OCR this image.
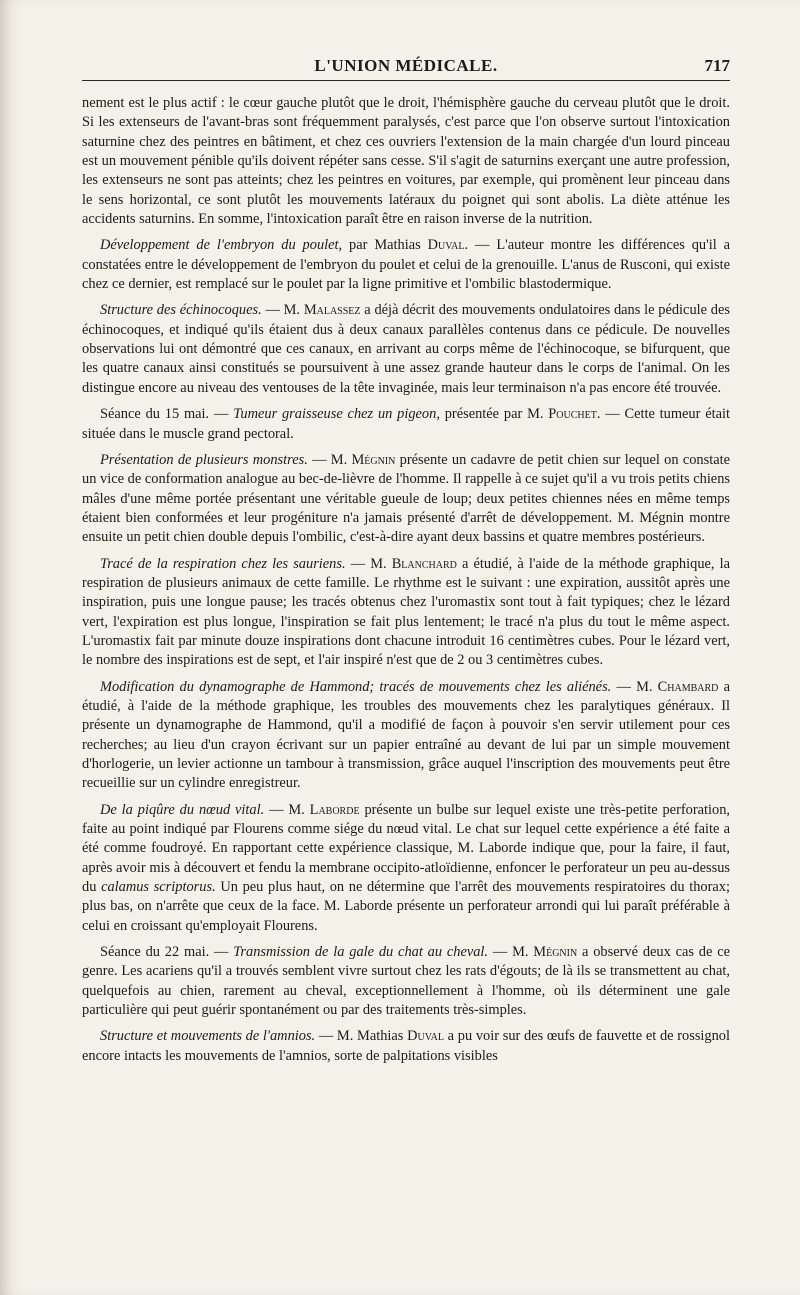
L'UNION MÉDICALE.	717

nement est le plus actif : le cœur gauche plutôt que le droit, l'hémisphère gauche du cerveau plutôt que le droit. Si les extenseurs de l'avant-bras sont fréquemment paralysés, c'est parce que l'on observe surtout l'intoxication saturnine chez des peintres en bâtiment, et chez ces ouvriers l'extension de la main chargée d'un lourd pinceau est un mouvement pénible qu'ils doivent répéter sans cesse. S'il s'agit de saturnins exerçant une autre profession, les extenseurs ne sont pas atteints; chez les peintres en voitures, par exemple, qui promènent leur pinceau dans le sens horizontal, ce sont plutôt les mouvements latéraux du poignet qui sont abolis. La diète atténue les accidents saturnins. En somme, l'intoxication paraît être en raison inverse de la nutrition.

Développement de l'embryon du poulet, par Mathias Duval. — L'auteur montre les différences qu'il a constatées entre le développement de l'embryon du poulet et celui de la grenouille. L'anus de Rusconi, qui existe chez ce dernier, est remplacé sur le poulet par la ligne primitive et l'ombilic blastodermique.

Structure des échinocoques. — M. Malassez a déjà décrit des mouvements ondulatoires dans le pédicule des échinocoques, et indiqué qu'ils étaient dus à deux canaux parallèles contenus dans ce pédicule. De nouvelles observations lui ont démontré que ces canaux, en arrivant au corps même de l'échinocoque, se bifurquent, que les quatre canaux ainsi constitués se poursuivent à une assez grande hauteur dans le corps de l'animal. On les distingue encore au niveau des ventouses de la tête invaginée, mais leur terminaison n'a pas encore été trouvée.

Séance du 15 mai. — Tumeur graisseuse chez un pigeon, présentée par M. Pouchet. — Cette tumeur était située dans le muscle grand pectoral.

Présentation de plusieurs monstres. — M. Mégnin présente un cadavre de petit chien sur lequel on constate un vice de conformation analogue au bec-de-lièvre de l'homme. Il rappelle à ce sujet qu'il a vu trois petits chiens mâles d'une même portée présentant une véritable gueule de loup; deux petites chiennes nées en même temps étaient bien conformées et leur progéniture n'a jamais présenté d'arrêt de développement. M. Mégnin montre ensuite un petit chien double depuis l'ombilic, c'est-à-dire ayant deux bassins et quatre membres postérieurs.

Tracé de la respiration chez les sauriens. — M. Blanchard a étudié, à l'aide de la méthode graphique, la respiration de plusieurs animaux de cette famille. Le rhythme est le suivant : une expiration, aussitôt après une inspiration, puis une longue pause; les tracés obtenus chez l'uromastix sont tout à fait typiques; chez le lézard vert, l'expiration est plus longue, l'inspiration se fait plus lentement; le tracé n'a plus du tout le même aspect. L'uromastix fait par minute douze inspirations dont chacune introduit 16 centimètres cubes. Pour le lézard vert, le nombre des inspirations est de sept, et l'air inspiré n'est que de 2 ou 3 centimètres cubes.

Modification du dynamographe de Hammond; tracés de mouvements chez les aliénés. — M. Chambard a étudié, à l'aide de la méthode graphique, les troubles des mouvements chez les paralytiques généraux. Il présente un dynamographe de Hammond, qu'il a modifié de façon à pouvoir s'en servir utilement pour ces recherches; au lieu d'un crayon écrivant sur un papier entraîné au devant de lui par un simple mouvement d'horlogerie, un levier actionne un tambour à transmission, grâce auquel l'inscription des mouvements peut être recueillie sur un cylindre enregistreur.

De la piqûre du nœud vital. — M. Laborde présente un bulbe sur lequel existe une très-petite perforation, faite au point indiqué par Flourens comme siége du nœud vital. Le chat sur lequel cette expérience a été faite a été comme foudroyé. En rapportant cette expérience classique, M. Laborde indique que, pour la faire, il faut, après avoir mis à découvert et fendu la membrane occipito-atloïdienne, enfoncer le perforateur un peu au-dessus du calamus scriptorus. Un peu plus haut, on ne détermine que l'arrêt des mouvements respiratoires du thorax; plus bas, on n'arrête que ceux de la face. M. Laborde présente un perforateur arrondi qui lui paraît préférable à celui en croissant qu'employait Flourens.

Séance du 22 mai. — Transmission de la gale du chat au cheval. — M. Mégnin a observé deux cas de ce genre. Les acariens qu'il a trouvés semblent vivre surtout chez les rats d'égouts; de là ils se transmettent au chat, quelquefois au chien, rarement au cheval, exceptionnellement à l'homme, où ils déterminent une gale particulière qui peut guérir spontanément ou par des traitements très-simples.

Structure et mouvements de l'amnios. — M. Mathias Duval a pu voir sur des œufs de fauvette et de rossignol encore intacts les mouvements de l'amnios, sorte de palpitations visibles
